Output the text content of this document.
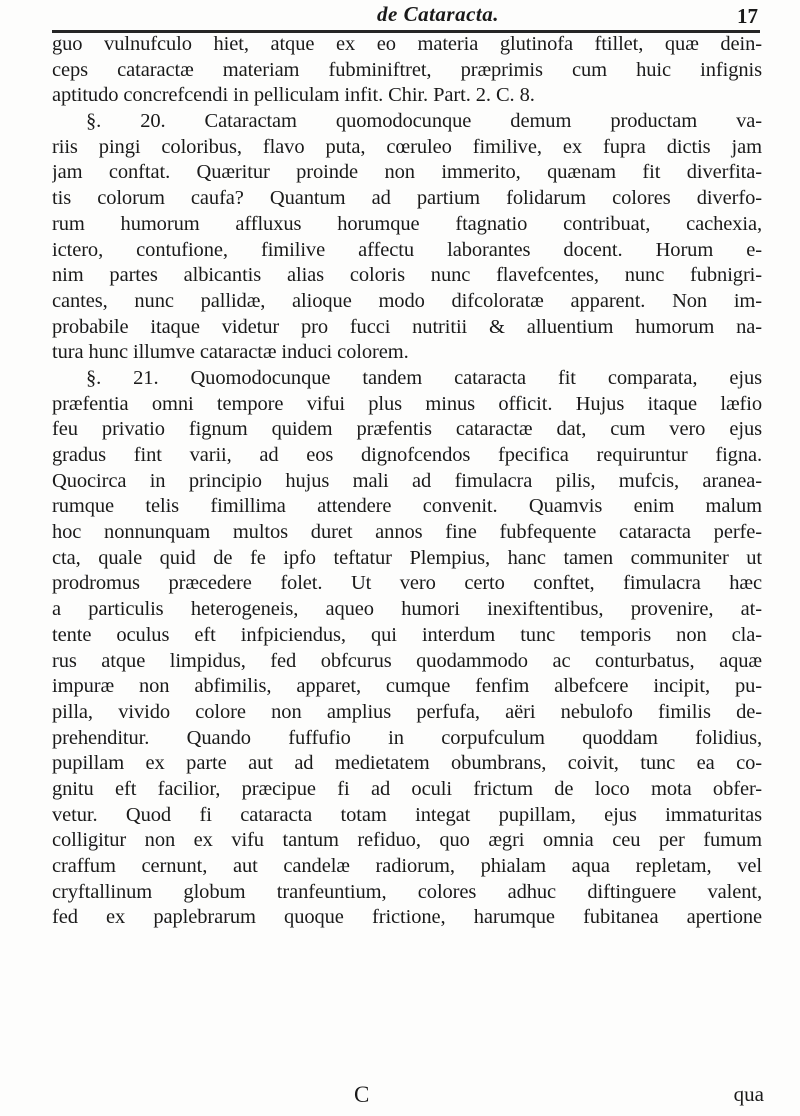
de Cataracta.	17
guo vulnufculo hiet, atque ex eo materia glutinofa ftillet, quæ dein-
ceps cataractæ materiam fubminiftret, præprimis cum huic infignis
aptitudo concrefcendi in pelliculam infit. Chir. Part. 2. C. 8.
§. 20. Cataractam quomodocunque demum productam va-
riis pingi coloribus, flavo puta, cœruleo fimilive, ex fupra dictis jam
jam conftat. Quæritur proinde non immerito, quænam fit diverfita-
tis colorum caufa? Quantum ad partium folidarum colores diverfo-
rum humorum affluxus horumque ftagnatio contribuat, cachexia,
ictero, contufione, fimilive affectu laborantes docent. Horum e-
nim partes albicantis alias coloris nunc flavefcentes, nunc fubnigri-
cantes, nunc pallidæ, alioque modo difcoloratæ apparent. Non im-
probabile itaque videtur pro fucci nutritii & alluentium humorum na-
tura hunc illumve cataractæ induci colorem.
§. 21. Quomodocunque tandem cataracta fit comparata, ejus
præfentia omni tempore vifui plus minus officit. Hujus itaque læfio
feu privatio fignum quidem præfentis cataractæ dat, cum vero ejus
gradus fint varii, ad eos dignofcendos fpecifica requiruntur figna.
Quocirca in principio hujus mali ad fimulacra pilis, mufcis, aranea-
rumque telis fimillima attendere convenit. Quamvis enim malum
hoc nonnunquam multos duret annos fine fubfequente cataracta perfe-
cta, quale quid de fe ipfo teftatur Plempius, hanc tamen communiter ut
prodromus præcedere folet. Ut vero certo conftet, fimulacra hæc
a particulis heterogeneis, aqueo humori inexiftentibus, provenire, at-
tente oculus eft infpiciendus, qui interdum tunc temporis non cla-
rus atque limpidus, fed obfcurus quodammodo ac conturbatus, aquæ
impuræ non abfimilis, apparet, cumque fenfim albefcere incipit, pu-
pilla, vivido colore non amplius perfufa, aëri nebulofo fimilis de-
prehenditur. Quando fuffufio in corpufculum quoddam folidius,
pupillam ex parte aut ad medietatem obumbrans, coivit, tunc ea co-
gnitu eft facilior, præcipue fi ad oculi frictum de loco mota obfer-
vetur. Quod fi cataracta totam integat pupillam, ejus immaturitas
colligitur non ex vifu tantum refiduo, quo ægri omnia ceu per fumum
craffum cernunt, aut candelæ radiorum, phialam aqua repletam, vel
cryftallinum globum tranfeuntium, colores adhuc diftinguere valent,
fed ex paplebrarum quoque frictione, harumque fubitanea apertione
C	qua
